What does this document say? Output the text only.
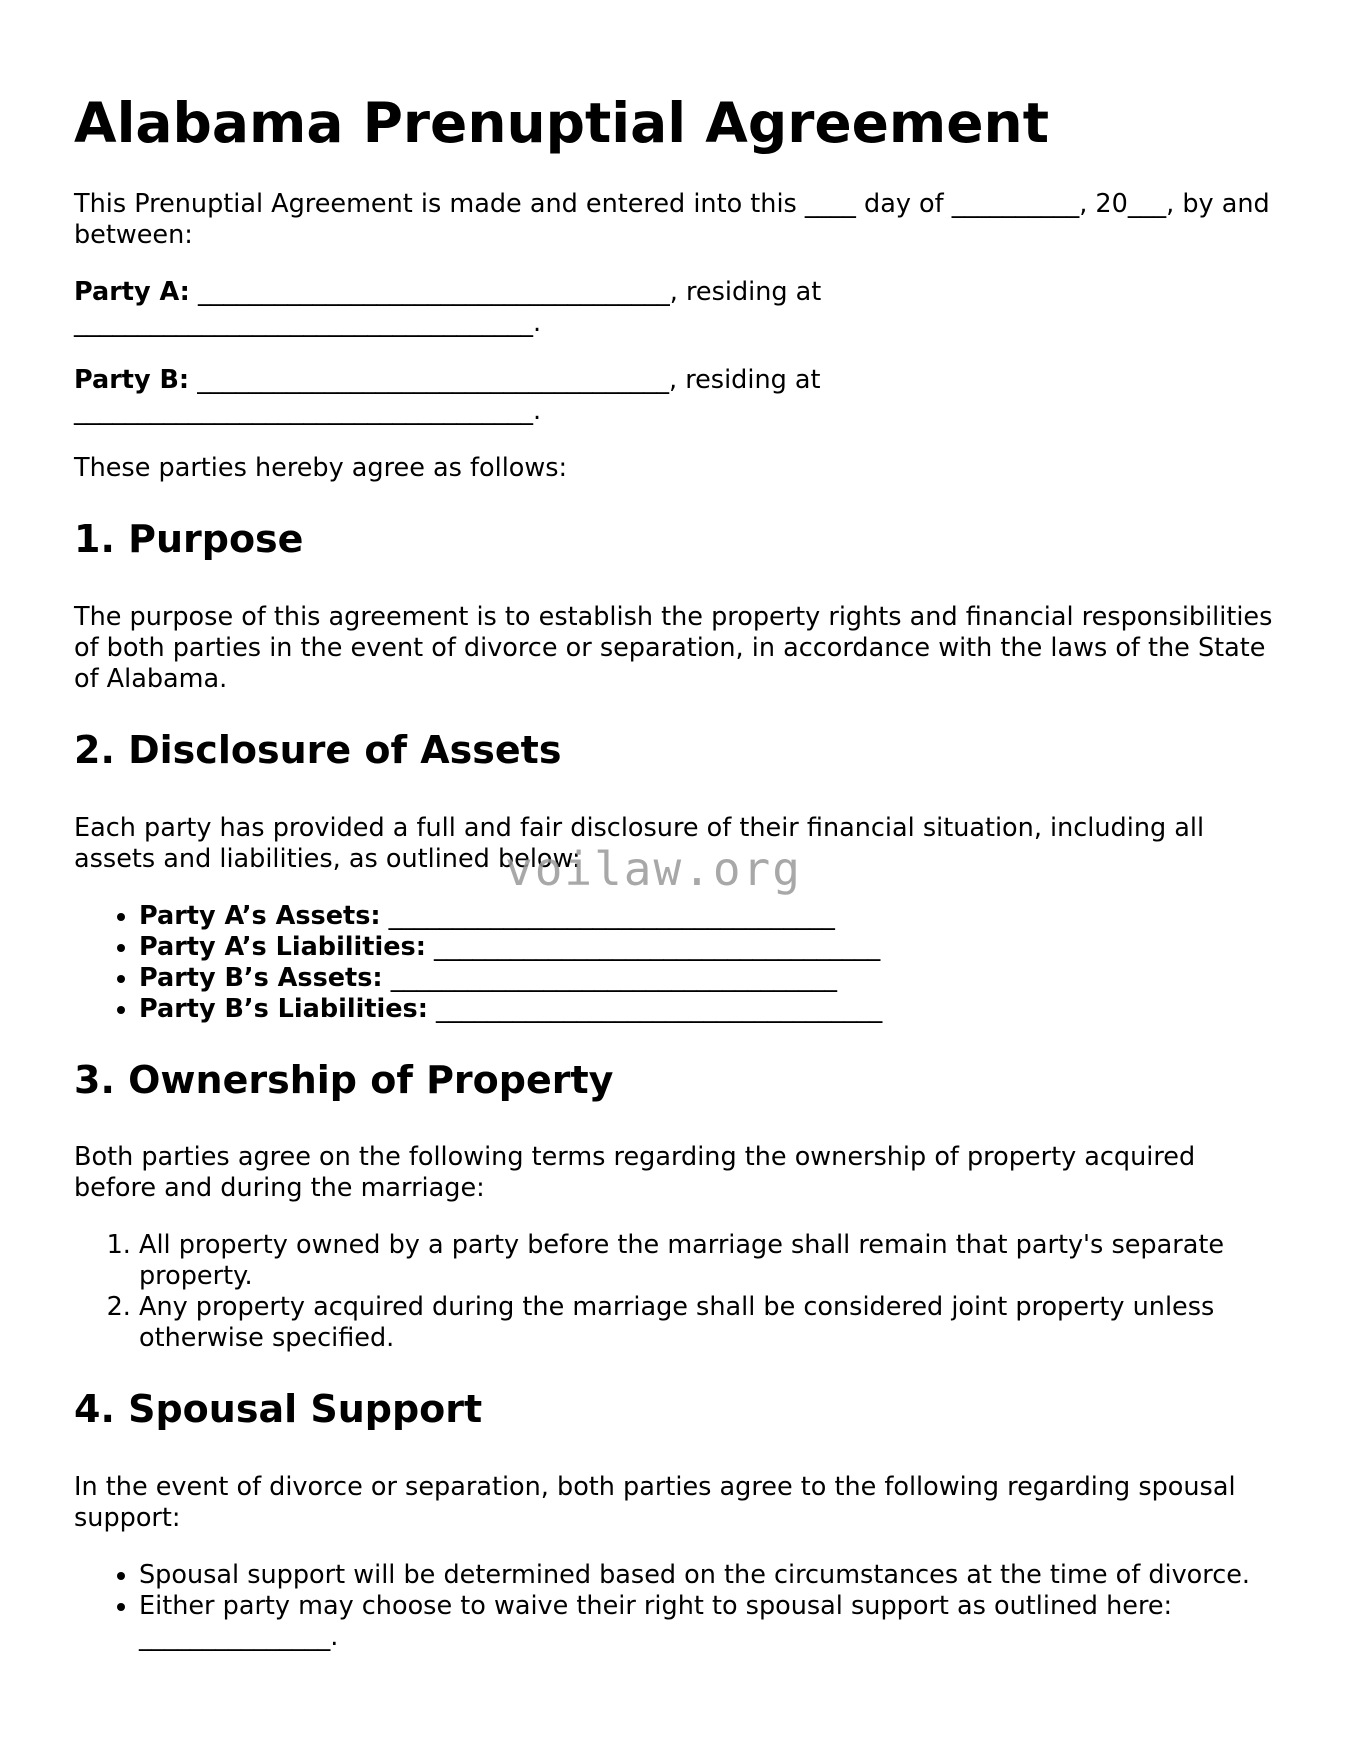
Alabama Prenuptial Agreement

This Prenuptial Agreement is made and entered into this ____ day of __________, 20___, by and between:

Party A: _____________________________________, residing at ____________________________________.

Party B: _____________________________________, residing at ____________________________________.

These parties hereby agree as follows:

1. Purpose

The purpose of this agreement is to establish the property rights and financial responsibilities of both parties in the event of divorce or separation, in accordance with the laws of the State of Alabama.

2. Disclosure of Assets

Each party has provided a full and fair disclosure of their financial situation, including all assets and liabilities, as outlined below:

• Party A’s Assets: ___________________________________
• Party A’s Liabilities: ___________________________________
• Party B’s Assets: ___________________________________
• Party B’s Liabilities: ___________________________________
3. Ownership of Property

Both parties agree on the following terms regarding the ownership of property acquired before and during the marriage:

1. All property owned by a party before the marriage shall remain that party's separate property.
2. Any property acquired during the marriage shall be considered joint property unless otherwise specified.
4. Spousal Support

In the event of divorce or separation, both parties agree to the following regarding spousal support:

• Spousal support will be determined based on the circumstances at the time of divorce.
• Either party may choose to waive their right to spousal support as outlined here: _______________.
voilaw.org
